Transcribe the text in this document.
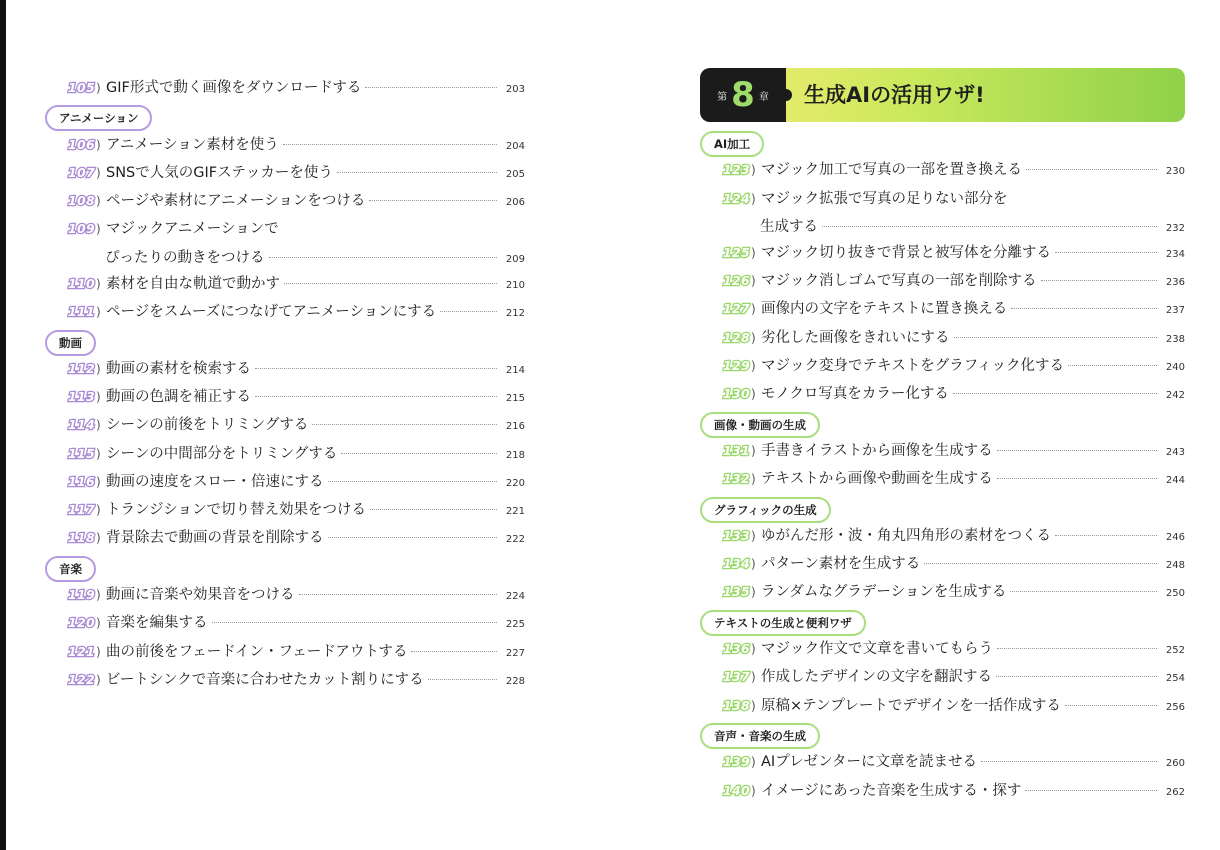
105 ) GIF形式で動く画像をダウンロードする	203
アニメーション
106 ) アニメーション素材を使う	204
107 ) SNSで人気のGIFステッカーを使う	205
108 ) ページや素材にアニメーションをつける	206
109 ) マジックアニメーションで
ぴったりの動きをつける	209
110 ) 素材を自由な軌道で動かす	210
111 ) ページをスムーズにつなげてアニメーションにする	212
動画
112 ) 動画の素材を検索する	214
113 ) 動画の色調を補正する	215
114 ) シーンの前後をトリミングする	216
115 ) シーンの中間部分をトリミングする	218
116 ) 動画の速度をスロー・倍速にする	220
117 ) トランジションで切り替え効果をつける	221
118 ) 背景除去で動画の背景を削除する	222
音楽
119 ) 動画に音楽や効果音をつける	224
120 ) 音楽を編集する	225
121 ) 曲の前後をフェードイン・フェードアウトする	227
122 ) ビートシンクで音楽に合わせたカット割りにする	228
第 8 章 生成AIの活用ワザ!
AI加工
123 ) マジック加工で写真の一部を置き換える	230
124 ) マジック拡張で写真の足りない部分を
生成する	232
125 ) マジック切り抜きで背景と被写体を分離する	234
126 ) マジック消しゴムで写真の一部を削除する	236
127 ) 画像内の文字をテキストに置き換える	237
128 ) 劣化した画像をきれいにする	238
129 ) マジック変身でテキストをグラフィック化する	240
130 ) モノクロ写真をカラー化する	242
画像・動画の生成
131 ) 手書きイラストから画像を生成する	243
132 ) テキストから画像や動画を生成する	244
グラフィックの生成
133 ) ゆがんだ形・波・角丸四角形の素材をつくる	246
134 ) パターン素材を生成する	248
135 ) ランダムなグラデーションを生成する	250
テキストの生成と便利ワザ
136 ) マジック作文で文章を書いてもらう	252
137 ) 作成したデザインの文字を翻訳する	254
138 ) 原稿×テンプレートでデザインを一括作成する	256
音声・音楽の生成
139 ) AIプレゼンターに文章を読ませる	260
140 ) イメージにあった音楽を生成する・探す	262
